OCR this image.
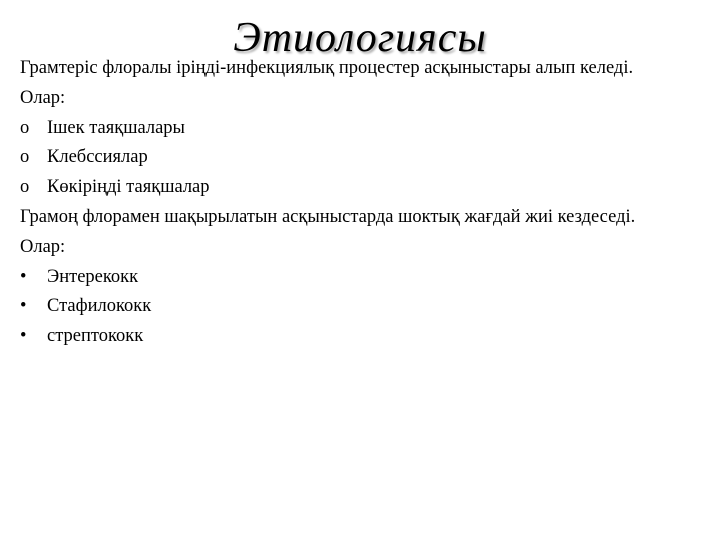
Этиологиясы

Грамтеріс флоралы іріңді-инфекциялық процестер асқыныстары алып келеді.

Олар:

o Ішек таяқшалары
o Клебссиялар
o Көкіріңді таяқшалар

Грамоң флорамен шақырылатын асқыныстарда шоктық жағдай жиі кездеседі.

Олар:

•	Энтерекокк
•	Стафилококк
•	стрептококк
